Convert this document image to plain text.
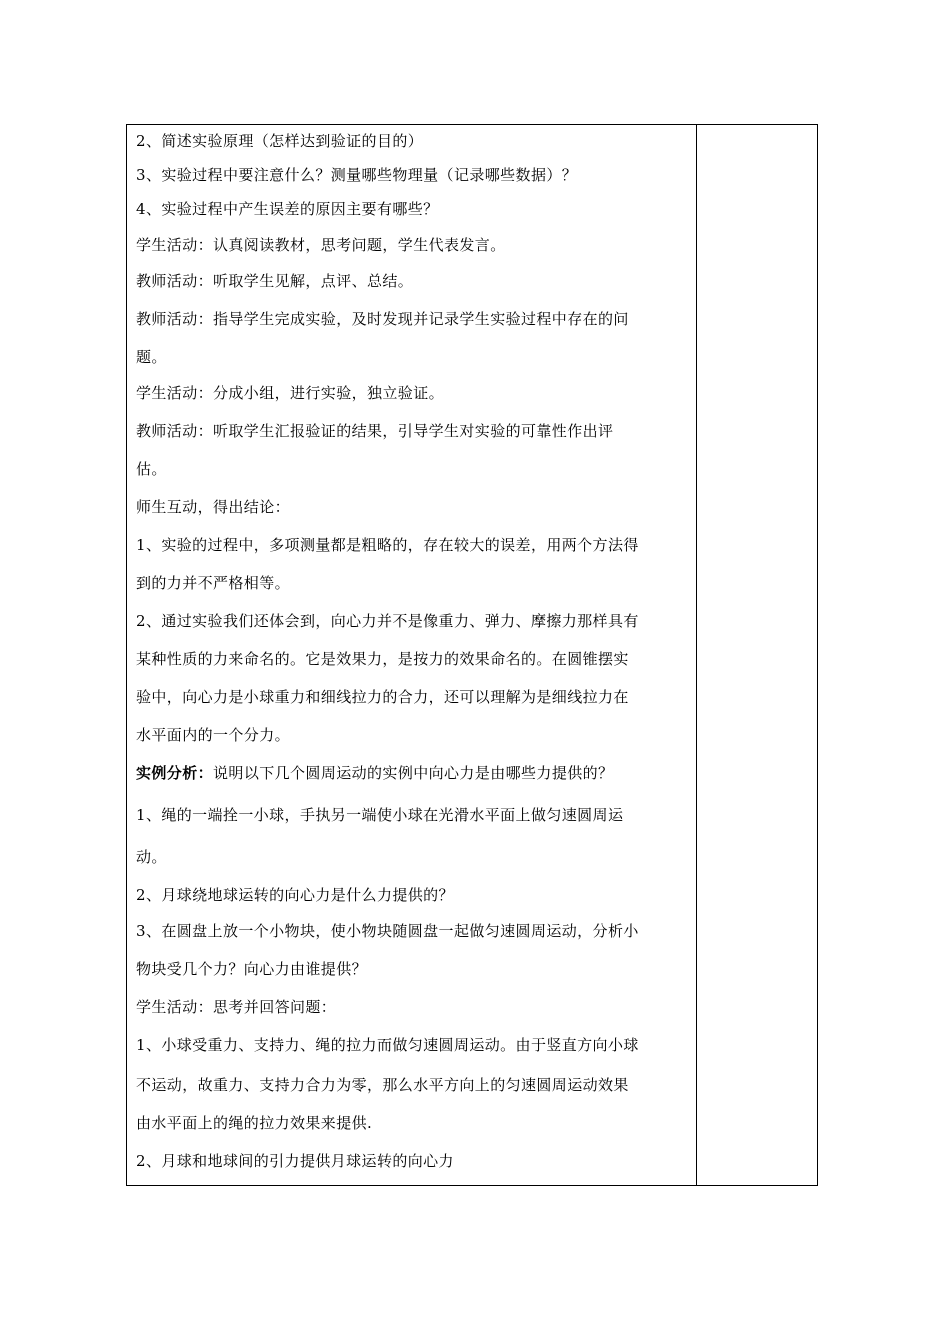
2、简述实验原理（怎样达到验证的目的）
3、实验过程中要注意什么？测量哪些物理量（记录哪些数据）？
4、实验过程中产生误差的原因主要有哪些？
学生活动：认真阅读教材，思考问题，学生代表发言。
教师活动：听取学生见解，点评、总结。
教师活动：指导学生完成实验，及时发现并记录学生实验过程中存在的问
题。
学生活动：分成小组，进行实验，独立验证。
教师活动：听取学生汇报验证的结果，引导学生对实验的可靠性作出评
估。
师生互动，得出结论：
1、实验的过程中，多项测量都是粗略的，存在较大的误差，用两个方法得
到的力并不严格相等。
2、通过实验我们还体会到，向心力并不是像重力、弹力、摩擦力那样具有
某种性质的力来命名的。它是效果力，是按力的效果命名的。在圆锥摆实
验中，向心力是小球重力和细线拉力的合力，还可以理解为是细线拉力在
水平面内的一个分力。
实例分析：说明以下几个圆周运动的实例中向心力是由哪些力提供的？
1、绳的一端拴一小球，手执另一端使小球在光滑水平面上做匀速圆周运
动。
2、月球绕地球运转的向心力是什么力提供的？
3、在圆盘上放一个小物块，使小物块随圆盘一起做匀速圆周运动，分析小
物块受几个力？向心力由谁提供？
学生活动：思考并回答问题：
1、小球受重力、支持力、绳的拉力而做匀速圆周运动。由于竖直方向小球
不运动，故重力、支持力合力为零，那么水平方向上的匀速圆周运动效果
由水平面上的绳的拉力效果来提供.
2、月球和地球间的引力提供月球运转的向心力
